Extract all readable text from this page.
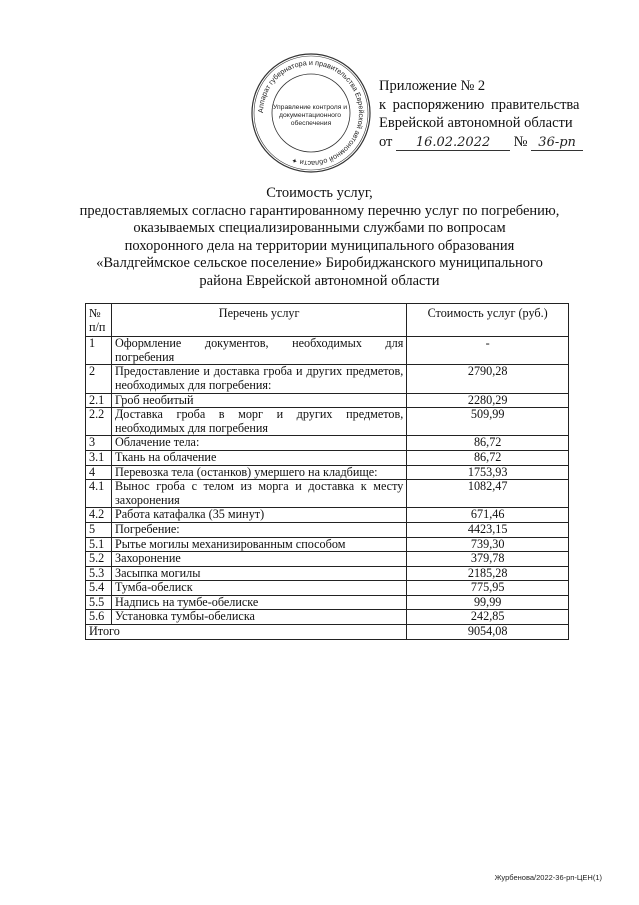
Аппарат губернатора и правительства Еврейской автономной области ✦
Управление контроля и документационного обеспечения
Приложение № 2
к распоряжению правительства
Еврейской автономной области
от 16.02.2022 № 36-рп
Стоимость услуг,
предоставляемых согласно гарантированному перечню услуг по погребению,
оказываемых специализированными службами по вопросам
похоронного дела на территории муниципального образования
«Валдгеймское сельское поселение» Биробиджанского муниципального
района Еврейской автономной области
№ п/п	Перечень услуг	Стоимость услуг (руб.)
1	Оформление документов, необходимых для погребения	-
2	Предоставление и доставка гроба и других предметов, необходимых для погребения:	2790,28
2.1	Гроб необитый	2280,29
2.2	Доставка гроба в морг и других предметов, необходимых для погребения	509,99
3	Облачение тела:	86,72
3.1	Ткань на облачение	86,72
4	Перевозка тела (останков) умершего на кладбище:	1753,93
4.1	Вынос гроба с телом из морга и доставка к месту захоронения	1082,47
4.2	Работа катафалка (35 минут)	671,46
5	Погребение:	4423,15
5.1	Рытье могилы механизированным способом	739,30
5.2	Захоронение	379,78
5.3	Засыпка могилы	2185,28
5.4	Тумба-обелиск	775,95
5.5	Надпись на тумбе-обелиске	99,99
5.6	Установка тумбы-обелиска	242,85
Итого		9054,08
Журбенова/2022-36-рп-ЦЕН(1)
